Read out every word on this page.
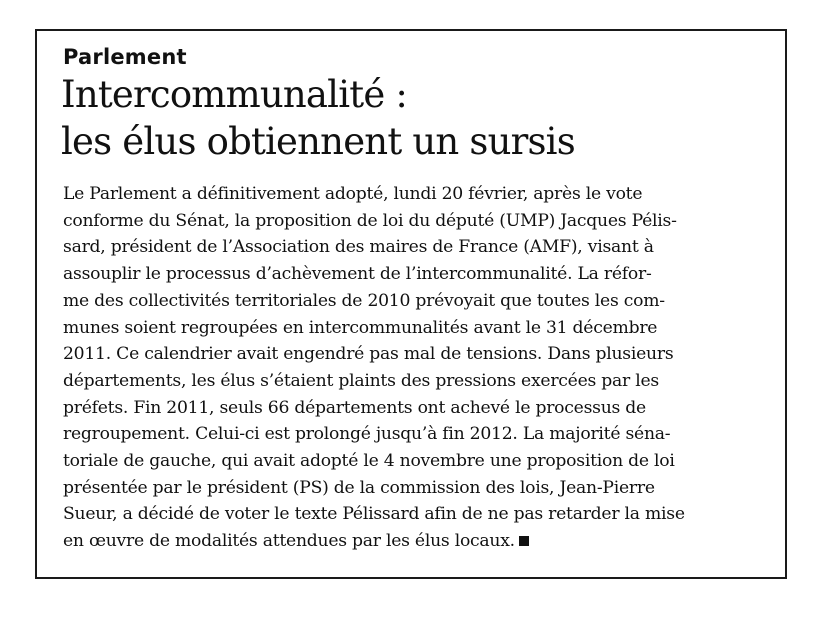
Parlement
Intercommunalité :
les élus obtiennent un sursis

Le Parlement a définitivement adopté, lundi 20 février, après le vote
conforme du Sénat, la proposition de loi du député (UMP) Jacques Pélis-
sard, président de l’Association des maires de France (AMF), visant à
assouplir le processus d’achèvement de l’intercommunalité. La réfor-
me des collectivités territoriales de 2010 prévoyait que toutes les com-
munes soient regroupées en intercommunalités avant le 31 décembre
2011. Ce calendrier avait engendré pas mal de tensions. Dans plusieurs
départements, les élus s’étaient plaints des pressions exercées par les
préfets. Fin 2011, seuls 66 départements ont achevé le processus de
regroupement. Celui-ci est prolongé jusqu’à fin 2012. La majorité séna-
toriale de gauche, qui avait adopté le 4 novembre une proposition de loi
présentée par le président (PS) de la commission des lois, Jean-Pierre
Sueur, a décidé de voter le texte Pélissard afin de ne pas retarder la mise
en œuvre de modalités attendues par les élus locaux.
